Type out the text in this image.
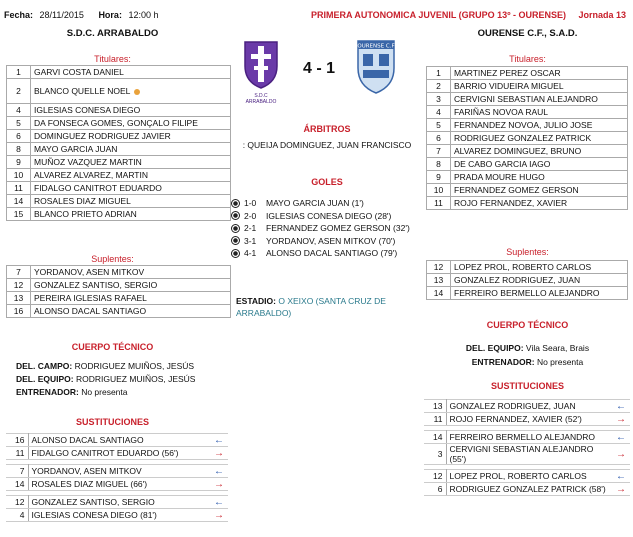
Fecha: 28/11/2015 Hora: 12:00 h	PRIMERA AUTONOMICA JUVENIL (GRUPO 13º - OURENSE) Jornada 13
S.D.C. ARRABALDO	OURENSE C.F., S.A.D.
S.D.C ARRABALDO
4 - 1
OURENSE C.F
Titulares:
1	GARVI COSTA DANIEL
2	BLANCO QUELLE NOEL
4	IGLESIAS CONESA DIEGO
5	DA FONSECA GOMES, GONÇALO FILIPE
6	DOMINGUEZ RODRIGUEZ JAVIER
8	MAYO GARCIA JUAN
9	MUÑOZ VAZQUEZ MARTIN
10	ALVAREZ ALVAREZ, MARTIN
11	FIDALGO CANITROT EDUARDO
14	ROSALES DIAZ MIGUEL
15	BLANCO PRIETO ADRIAN
Titulares:
1	MARTINEZ PEREZ OSCAR
2	BARRIO VIDUEIRA MIGUEL
3	CERVIGNI SEBASTIAN ALEJANDRO
4	FARIÑAS NOVOA RAUL
5	FERNANDEZ NOVOA, JULIO JOSE
6	RODRIGUEZ GONZALEZ PATRICK
7	ALVAREZ DOMINGUEZ, BRUNO
8	DE CABO GARCIA IAGO
9	PRADA MOURE HUGO
10	FERNANDEZ GOMEZ GERSON
11	ROJO FERNANDEZ, XAVIER
ÁRBITROS
: QUEIJA DOMINGUEZ, JUAN FRANCISCO
GOLES
1-0	MAYO GARCIA JUAN (1')
2-0	IGLESIAS CONESA DIEGO (28')
2-1	FERNANDEZ GOMEZ GERSON (32')
3-1	YORDANOV, ASEN MITKOV (70')
4-1	ALONSO DACAL SANTIAGO (79')
ESTADIO: O XEIXO (SANTA CRUZ DE ARRABALDO)
Suplentes:
7	YORDANOV, ASEN MITKOV
12	GONZALEZ SANTISO, SERGIO
13	PEREIRA IGLESIAS RAFAEL
16	ALONSO DACAL SANTIAGO
Suplentes:
12	LOPEZ PROL, ROBERTO CARLOS
13	GONZALEZ RODRIGUEZ, JUAN
14	FERREIRO BERMELLO ALEJANDRO
CUERPO TÉCNICO
DEL. CAMPO: RODRIGUEZ MUIÑOS, JESÚS
DEL. EQUIPO: RODRIGUEZ MUIÑOS, JESÚS
ENTRENADOR: No presenta
CUERPO TÉCNICO
DEL. EQUIPO: Vila Seara, Brais
ENTRENADOR: No presenta
SUSTITUCIONES
16	ALONSO DACAL SANTIAGO	←
11	FIDALGO CANITROT EDUARDO (56')	→
7	YORDANOV, ASEN MITKOV	←
14	ROSALES DIAZ MIGUEL (66')	→
12	GONZALEZ SANTISO, SERGIO	←
4	IGLESIAS CONESA DIEGO (81')	→
SUSTITUCIONES
13	GONZALEZ RODRIGUEZ, JUAN	←
11	ROJO FERNANDEZ, XAVIER (52')	→
14	FERREIRO BERMELLO ALEJANDRO	←
3	CERVIGNI SEBASTIAN ALEJANDRO (55')	→
12	LOPEZ PROL, ROBERTO CARLOS	←
6	RODRIGUEZ GONZALEZ PATRICK (58')	→
